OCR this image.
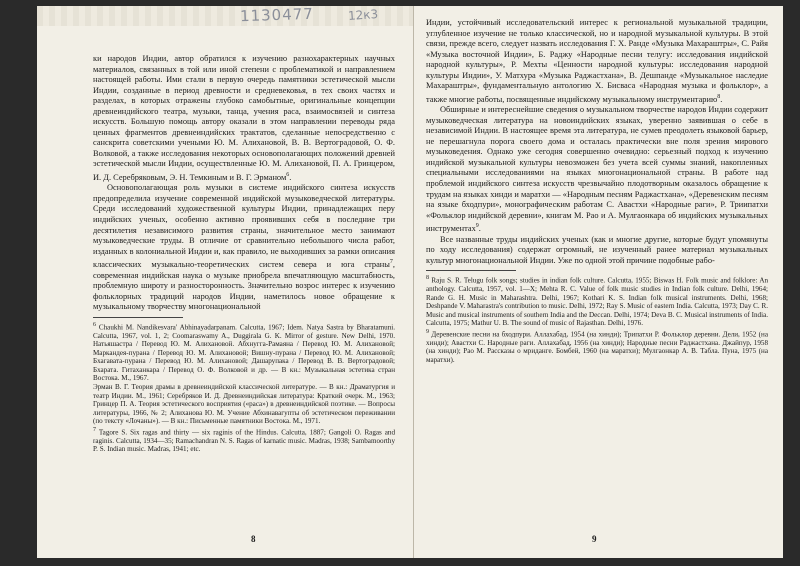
ки народов Индии, автор обратился к изучению разнохарактерных научных материалов, связанных в той или иной степени с проблематикой и направлением настоящей работы. Ими стали в первую очередь памятники эстетической мысли Индии, созданные в период древности и средневековья, в тех своих частях и разделах, в которых отражены глубоко самобытные, оригинальные концепции древнеиндийского театра, музыки, танца, учения раса, взаимосвязей и синтеза искусств. Большую помощь автору оказали в этом направлении переводы ряда ценных фрагментов древнеиндийских трактатов, сделанные непосредственно с санскрита советскими учеными Ю. М. Алихановой, В. В. Вертоградовой, О. Ф. Волковой, а также исследования некоторых основополагающих положений древней эстетической мысли Индии, осуществленные Ю. М. Алихановой, П. А. Гринцером, И. Д. Серебряковым, Э. Н. Темкиным и В. Г. Эрманом$^6$.

Основополагающая роль музыки в системе индийского синтеза искусств предопределила изучение современной индийской музыковедческой литературы. Среди исследований художественной культуры Индии, принадлежащих перу индийских ученых, особенно активно проявивших себя в последние три десятилетия независимого развития страны, значительное место занимают музыковедческие труды. В отличие от сравнительно небольшого числа работ, изданных в колониальной Индии и, как правило, не выходивших за рамки описания классических музыкально-теоретических систем севера и юга страны$^7$, современная индийская наука о музыке приобрела впечатляющую масштабность, проблемную широту и разносторонность. Значительно возрос интерес к изучению фольклорных традиций народов Индии, наметилось новое обращение к музыкальному творчеству многонациональной

$^6$ Chaukhi M. Nandikesvara' Abhinayadarpanam. Calcutta, 1967; Idem. Natya Sastra by Bharatamuni. Calcutta, 1967, vol. 1, 2; Coomaraswamy A., Duggirala G. K. Mirror of gesture. New Delhi, 1970. Натьяшастра / Перевод Ю. М. Алихановой. Абхнугга-Рамаяна / Перевод Ю. М. Алихановой; Маркандея-пурана / Перевод Ю. М. Алихановой; Вишну-пурана / Перевод Ю. М. Алихановой; Бхагавата-пурана / Перевод Ю. М. Алихановой; Дашарупака / Перевод В. В. Вертоградовой; Бхарата. Гитаханкара / Перевод О. Ф. Волковой и др. — В кн.: Музыкальная эстетика стран Востока. М., 1967.

Эрман В. Г. Теория драмы в древнеиндийской классической литературе. — В кн.: Драматургия и театр Индии. М., 1961; Серебряков И. Д. Древнеиндийская литература: Краткий очерк. М., 1963; Гринцер П. А. Теория эстетического восприятия («раса») в древнеиндийской поэтике. — Вопросы литературы, 1966, № 2; Алиханова Ю. М. Учение Абхинавагупты об эстетическом переживании (по тексту «Лочаны»). — В кн.: Письменные памятники Востока. М., 1971.

$^7$ Tagore S. Six ragas and thirty — six raginis of the Hindus. Calcutta, 1887; Gangoli O. Ragas and raginis. Calcutta, 1934—35; Ramachandran N. S. Ragas of karnatic music. Madras, 1938; Sambamoorthy P. S. Indian music. Madras, 1941; etc.

8
1130477	12к3	Индии, устойчивый исследовательский интерес к региональной музыкальной традиции, углубленное изучение не только классической, но и народной музыкальной культуры. В этой связи, прежде всего, следует назвать исследования Г. Х. Ранде «Музыка Махараштры», С. Райя «Музыка восточной Индии», Б. Раджу «Народные песни телугу: исследования индийской народной культуры», Р. Мехты «Ценности народной культуры: исследования народной культуры Индии», У. Матхура «Музыка Раджастхана», В. Дешпанде «Музыкальное наследие Махараштры», фундаментальную антологию Х. Бисваса «Народная музыка и фольклор», а также многие работы, посвященные индийскому музыкальному инструментарию$^8$.

Обширные и интереснейшие сведения о музыкальном творчестве народов Индии содержит музыковедческая литература на новоиндийских языках, уверенно заявившая о себе в независимой Индии. В настоящее время эта литература, не сумев преодолеть языковой барьер, не перешагнула порога своего дома и осталась практически вне поля зрения мирового музыковедения. Однако уже сегодня совершенно очевидно: серьезный подход к изучению индийской музыкальной культуры невозможен без учета всей суммы знаний, накопленных специальными исследованиями на языках многонациональной страны. В работе над проблемой индийского синтеза искусств чрезвычайно плодотворным оказалось обращение к трудам на языках хинди и маратхи — «Народным песням Раджастхана», «Деревенским песням на языке бходпури», монографическим работам С. Авастхи «Народные раги», Р. Триипатхи «Фольклор индийской деревни», книгам М. Рао и А. Мулгаонкара об индийских музыкальных инструментах$^9$.

Все названные труды индийских ученых (как и многие другие, которые будут упомянуты по ходу исследования) содержат огромный, не изученный ранее материал музыкальных культур многонациональной Индии. Уже по одной этой причине подобные рабо-

$^8$ Raju S. R. Telugu folk songs; studies in indian folk culture. Calcutta, 1955; Biswas H. Folk music and folklore: An anthology. Calcutta, 1957, vol. 1—X; Mehta R. C. Value of folk music studies in Indian folk culture. Delhi, 1964; Rande G. H. Music in Maharashtra. Delhi, 1967; Kothari K. S. Indian folk musical instruments. Delhi, 1968; Deshpande V. Maharastra's contribution to music. Delhi, 1972; Ray S. Music of eastern India. Calcutta, 1973; Day C. R. Music and musical instruments of southern India and the Deccan. Delhi, 1974; Deva B. C. Musical instruments of India. Calcutta, 1975; Mathur U. B. The sound of music of Rajasthan. Delhi, 1976.

$^9$ Деревенские песни на бходпури. Аллахабад, 1954 (на хинди); Трипатхи Р. Фольклор деревни. Дели, 1952 (на хинди); Авастхи С. Народные раги. Аллахабад, 1956 (на хинди); Народные песни Раджастхана. Джайпур, 1958 (на хинди); Рао М. Рассказы о мриданге. Бомбей, 1960 (на маратхи); Мулгаонкар А. В. Табла. Пуна, 1975 (на маратхи).

9
